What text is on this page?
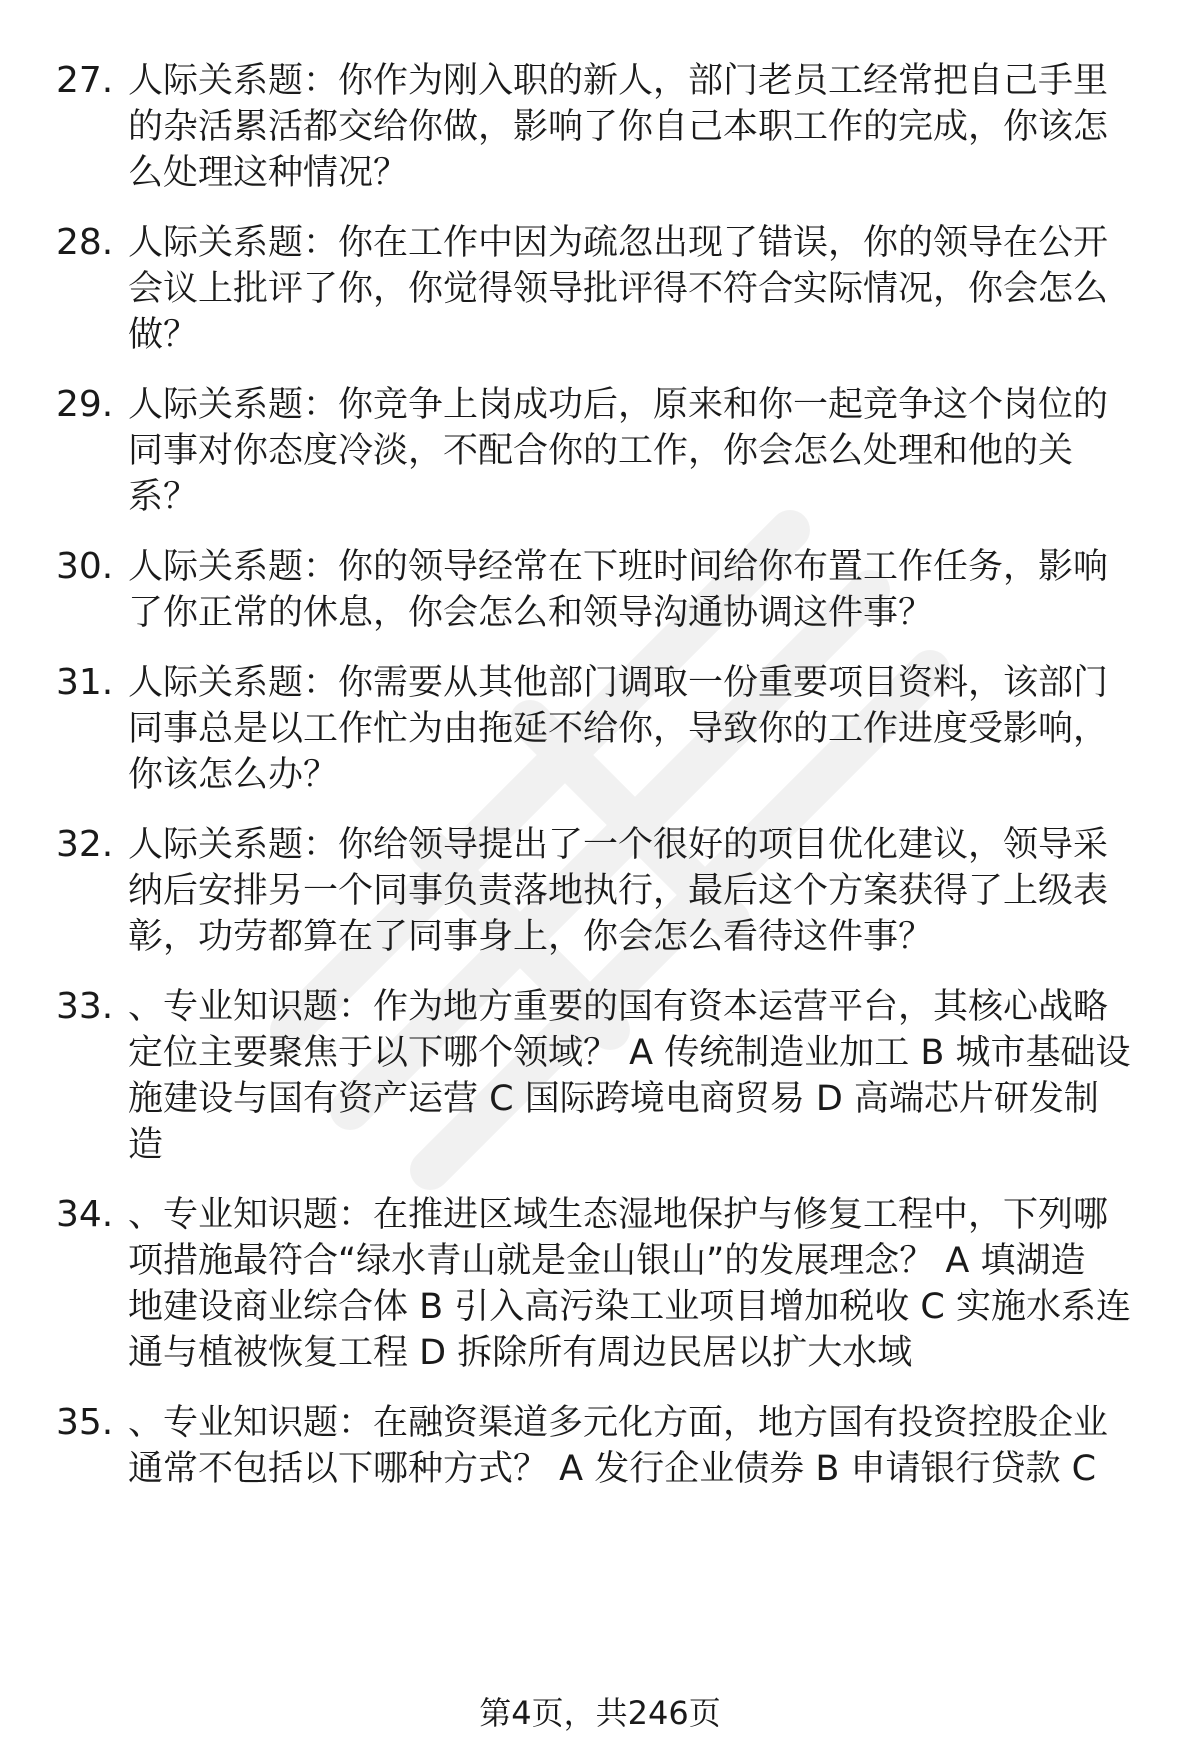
27. 人际关系题：你作为刚入职的新人，部门老员工经常把自己手里
的杂活累活都交给你做，影响了你自己本职工作的完成，你该怎
么处理这种情况？
28. 人际关系题：你在工作中因为疏忽出现了错误，你的领导在公开
会议上批评了你，你觉得领导批评得不符合实际情况，你会怎么
做？
29. 人际关系题：你竞争上岗成功后，原来和你一起竞争这个岗位的
同事对你态度冷淡，不配合你的工作，你会怎么处理和他的关
系？
30. 人际关系题：你的领导经常在下班时间给你布置工作任务，影响
了你正常的休息，你会怎么和领导沟通协调这件事？
31. 人际关系题：你需要从其他部门调取一份重要项目资料，该部门
同事总是以工作忙为由拖延不给你，导致你的工作进度受影响，
你该怎么办？
32. 人际关系题：你给领导提出了一个很好的项目优化建议，领导采
纳后安排另一个同事负责落地执行，最后这个方案获得了上级表
彰，功劳都算在了同事身上，你会怎么看待这件事？
33. 、专业知识题：作为地方重要的国有资本运营平台，其核心战略
定位主要聚焦于以下哪个领域？ A 传统制造业加工 B 城市基础设
施建设与国有资产运营 C 国际跨境电商贸易 D 高端芯片研发制
造
34. 、专业知识题：在推进区域生态湿地保护与修复工程中，下列哪
项措施最符合“绿水青山就是金山银山”的发展理念？ A 填湖造
地建设商业综合体 B 引入高污染工业项目增加税收 C 实施水系连
通与植被恢复工程 D 拆除所有周边民居以扩大水域
35. 、专业知识题：在融资渠道多元化方面，地方国有投资控股企业
通常不包括以下哪种方式？ A 发行企业债券 B 申请银行贷款 C
第4页，共246页
